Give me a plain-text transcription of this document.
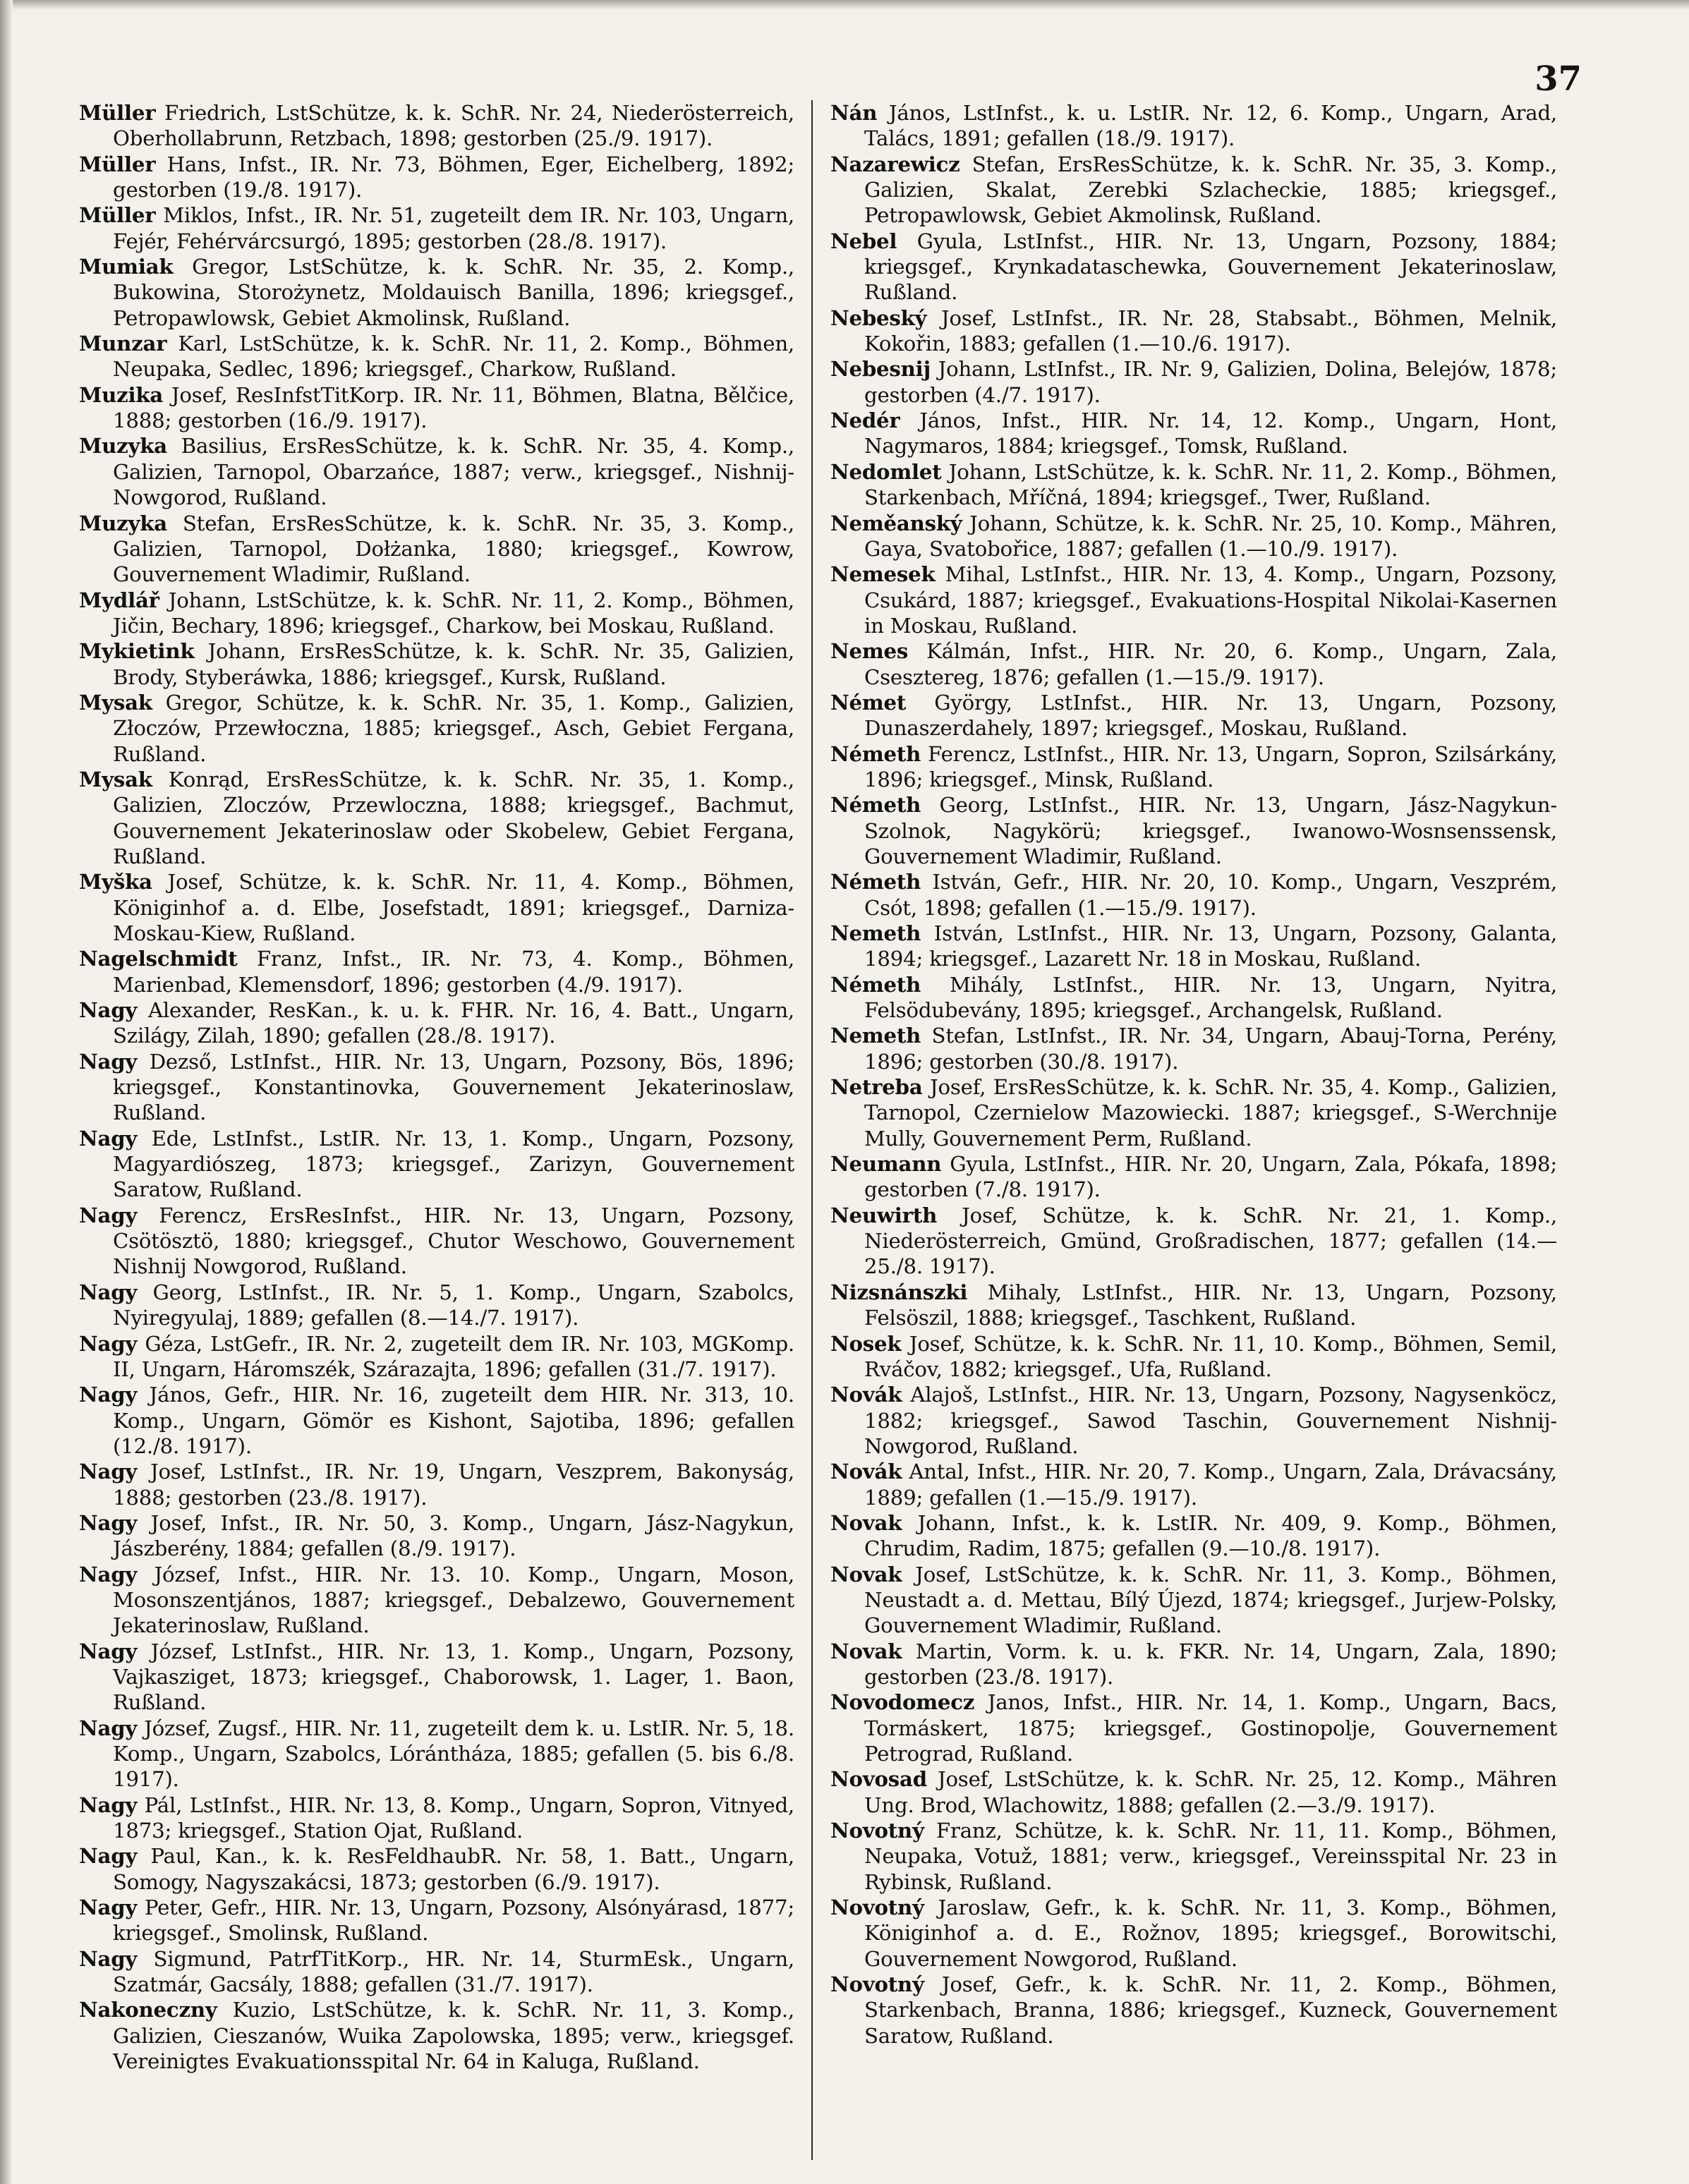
37

Müller Friedrich, LstSchütze, k. k. SchR. Nr. 24, Niederösterreich, Oberhollabrunn, Retzbach, 1898; gestorben (25./9. 1917).

Müller Hans, Infst., IR. Nr. 73, Böhmen, Eger, Eichelberg, 1892; gestorben (19./8. 1917).

Müller Miklos, Infst., IR. Nr. 51, zugeteilt dem IR. Nr. 103, Ungarn, Fejér, Fehérvárcsurgó, 1895; gestorben (28./8. 1917).

Mumiak Gregor, LstSchütze, k. k. SchR. Nr. 35, 2. Komp., Bukowina, Storożynetz, Moldauisch Banilla, 1896; kriegsgef., Petropawlowsk, Gebiet Akmolinsk, Rußland.

Munzar Karl, LstSchütze, k. k. SchR. Nr. 11, 2. Komp., Böhmen, Neupaka, Sedlec, 1896; kriegsgef., Charkow, Rußland.

Muzika Josef, ResInfstTitKorp. IR. Nr. 11, Böhmen, Blatna, Bělčice, 1888; gestorben (16./9. 1917).

Muzyka Basilius, ErsResSchütze, k. k. SchR. Nr. 35, 4. Komp., Galizien, Tarnopol, Obarzańce, 1887; verw., kriegsgef., Nishnij-Nowgorod, Rußland.

Muzyka Stefan, ErsResSchütze, k. k. SchR. Nr. 35, 3. Komp., Galizien, Tarnopol, Dołżanka, 1880; kriegsgef., Kowrow, Gouvernement Wladimir, Rußland.

Mydlář Johann, LstSchütze, k. k. SchR. Nr. 11, 2. Komp., Böhmen, Jičin, Bechary, 1896; kriegsgef., Charkow, bei Moskau, Rußland.

Mykietink Johann, ErsResSchütze, k. k. SchR. Nr. 35, Galizien, Brody, Styberáwka, 1886; kriegsgef., Kursk, Rußland.

Mysak Gregor, Schütze, k. k. SchR. Nr. 35, 1. Komp., Galizien, Złoczów, Przewłoczna, 1885; kriegsgef., Asch, Gebiet Fergana, Rußland.

Mysak Konrąd, ErsResSchütze, k. k. SchR. Nr. 35, 1. Komp., Galizien, Zloczów, Przewloczna, 1888; kriegsgef., Bachmut, Gouvernement Jekaterinoslaw oder Skobelew, Gebiet Fergana, Rußland.

Myška Josef, Schütze, k. k. SchR. Nr. 11, 4. Komp., Böhmen, Königinhof a. d. Elbe, Josefstadt, 1891; kriegsgef., Darniza-Moskau-Kiew, Rußland.

Nagelschmidt Franz, Infst., IR. Nr. 73, 4. Komp., Böhmen, Marienbad, Klemensdorf, 1896; gestorben (4./9. 1917).

Nagy Alexander, ResKan., k. u. k. FHR. Nr. 16, 4. Batt., Ungarn, Szilágy, Zilah, 1890; gefallen (28./8. 1917).

Nagy Dezső, LstInfst., HIR. Nr. 13, Ungarn, Pozsony, Bös, 1896; kriegsgef., Konstantinovka, Gouvernement Jekaterinoslaw, Rußland.

Nagy Ede, LstInfst., LstIR. Nr. 13, 1. Komp., Ungarn, Pozsony, Magyardiószeg, 1873; kriegsgef., Zarizyn, Gouvernement Saratow, Rußland.

Nagy Ferencz, ErsResInfst., HIR. Nr. 13, Ungarn, Pozsony, Csötösztö, 1880; kriegsgef., Chutor Weschowo, Gouvernement Nishnij Nowgorod, Rußland.

Nagy Georg, LstInfst., IR. Nr. 5, 1. Komp., Ungarn, Szabolcs, Nyiregyulaj, 1889; gefallen (8.—14./7. 1917).

Nagy Géza, LstGefr., IR. Nr. 2, zugeteilt dem IR. Nr. 103, MGKomp. II, Ungarn, Háromszék, Szárazajta, 1896; gefallen (31./7. 1917).

Nagy János, Gefr., HIR. Nr. 16, zugeteilt dem HIR. Nr. 313, 10. Komp., Ungarn, Gömör es Kishont, Sajotiba, 1896; gefallen (12./8. 1917).

Nagy Josef, LstInfst., IR. Nr. 19, Ungarn, Veszprem, Bakonyság, 1888; gestorben (23./8. 1917).

Nagy Josef, Infst., IR. Nr. 50, 3. Komp., Ungarn, Jász-Nagykun, Jászberény, 1884; gefallen (8./9. 1917).

Nagy József, Infst., HIR. Nr. 13. 10. Komp., Ungarn, Moson, Mosonszentjános, 1887; kriegsgef., Debalzewo, Gouvernement Jekaterinoslaw, Rußland.

Nagy József, LstInfst., HIR. Nr. 13, 1. Komp., Ungarn, Pozsony, Vajkasziget, 1873; kriegsgef., Chaborowsk, 1. Lager, 1. Baon, Rußland.

Nagy József, Zugsf., HIR. Nr. 11, zugeteilt dem k. u. LstIR. Nr. 5, 18. Komp., Ungarn, Szabolcs, Lórántháza, 1885; gefallen (5. bis 6./8. 1917).

Nagy Pál, LstInfst., HIR. Nr. 13, 8. Komp., Ungarn, Sopron, Vitnyed, 1873; kriegsgef., Station Ojat, Rußland.

Nagy Paul, Kan., k. k. ResFeldhaubR. Nr. 58, 1. Batt., Ungarn, Somogy, Nagyszakácsi, 1873; gestorben (6./9. 1917).

Nagy Peter, Gefr., HIR. Nr. 13, Ungarn, Pozsony, Alsónyárasd, 1877; kriegsgef., Smolinsk, Rußland.

Nagy Sigmund, PatrfTitKorp., HR. Nr. 14, SturmEsk., Ungarn, Szatmár, Gacsály, 1888; gefallen (31./7. 1917).

Nakoneczny Kuzio, LstSchütze, k. k. SchR. Nr. 11, 3. Komp., Galizien, Cieszanów, Wuika Zapolowska, 1895; verw., kriegsgef. Vereinigtes Evakuationsspital Nr. 64 in Kaluga, Rußland.

Nán János, LstInfst., k. u. LstIR. Nr. 12, 6. Komp., Ungarn, Arad, Talács, 1891; gefallen (18./9. 1917).

Nazarewicz Stefan, ErsResSchütze, k. k. SchR. Nr. 35, 3. Komp., Galizien, Skalat, Zerebki Szlacheckie, 1885; kriegsgef., Petropawlowsk, Gebiet Akmolinsk, Rußland.

Nebel Gyula, LstInfst., HIR. Nr. 13, Ungarn, Pozsony, 1884; kriegsgef., Krynkadataschewka, Gouvernement Jekaterinoslaw, Rußland.

Nebeský Josef, LstInfst., IR. Nr. 28, Stabsabt., Böhmen, Melnik, Kokořin, 1883; gefallen (1.—10./6. 1917).

Nebesnij Johann, LstInfst., IR. Nr. 9, Galizien, Dolina, Belejów, 1878; gestorben (4./7. 1917).

Nedér János, Infst., HIR. Nr. 14, 12. Komp., Ungarn, Hont, Nagymaros, 1884; kriegsgef., Tomsk, Rußland.

Nedomlet Johann, LstSchütze, k. k. SchR. Nr. 11, 2. Komp., Böhmen, Starkenbach, Mříčná, 1894; kriegsgef., Twer, Rußland.

Neměanský Johann, Schütze, k. k. SchR. Nr. 25, 10. Komp., Mähren, Gaya, Svatobořice, 1887; gefallen (1.—10./9. 1917).

Nemesek Mihal, LstInfst., HIR. Nr. 13, 4. Komp., Ungarn, Pozsony, Csukárd, 1887; kriegsgef., Evakuations-Hospital Nikolai-Kasernen in Moskau, Rußland.

Nemes Kálmán, Infst., HIR. Nr. 20, 6. Komp., Ungarn, Zala, Csesztereg, 1876; gefallen (1.—15./9. 1917).

Német György, LstInfst., HIR. Nr. 13, Ungarn, Pozsony, Dunaszerdahely, 1897; kriegsgef., Moskau, Rußland.

Németh Ferencz, LstInfst., HIR. Nr. 13, Ungarn, Sopron, Szilsárkány, 1896; kriegsgef., Minsk, Rußland.

Németh Georg, LstInfst., HIR. Nr. 13, Ungarn, Jász-Nagykun-Szolnok, Nagykörü; kriegsgef., Iwanowo-Wosnsenssensk, Gouvernement Wladimir, Rußland.

Németh István, Gefr., HIR. Nr. 20, 10. Komp., Ungarn, Veszprém, Csót, 1898; gefallen (1.—15./9. 1917).

Nemeth István, LstInfst., HIR. Nr. 13, Ungarn, Pozsony, Galanta, 1894; kriegsgef., Lazarett Nr. 18 in Moskau, Rußland.

Németh Mihály, LstInfst., HIR. Nr. 13, Ungarn, Nyitra, Felsödubevány, 1895; kriegsgef., Archangelsk, Rußland.

Nemeth Stefan, LstInfst., IR. Nr. 34, Ungarn, Abauj-Torna, Perény, 1896; gestorben (30./8. 1917).

Netreba Josef, ErsResSchütze, k. k. SchR. Nr. 35, 4. Komp., Galizien, Tarnopol, Czernielow Mazowiecki. 1887; kriegsgef., S-Werchnije Mully, Gouvernement Perm, Rußland.

Neumann Gyula, LstInfst., HIR. Nr. 20, Ungarn, Zala, Pókafa, 1898; gestorben (7./8. 1917).

Neuwirth Josef, Schütze, k. k. SchR. Nr. 21, 1. Komp., Niederösterreich, Gmünd, Großradischen, 1877; gefallen (14.—25./8. 1917).

Nizsnánszki Mihaly, LstInfst., HIR. Nr. 13, Ungarn, Pozsony, Felsöszil, 1888; kriegsgef., Taschkent, Rußland.

Nosek Josef, Schütze, k. k. SchR. Nr. 11, 10. Komp., Böhmen, Semil, Rváčov, 1882; kriegsgef., Ufa, Rußland.

Novák Alajoš, LstInfst., HIR. Nr. 13, Ungarn, Pozsony, Nagysenköcz, 1882; kriegsgef., Sawod Taschin, Gouvernement Nishnij-Nowgorod, Rußland.

Novák Antal, Infst., HIR. Nr. 20, 7. Komp., Ungarn, Zala, Drávacsány, 1889; gefallen (1.—15./9. 1917).

Novak Johann, Infst., k. k. LstIR. Nr. 409, 9. Komp., Böhmen, Chrudim, Radim, 1875; gefallen (9.—10./8. 1917).

Novak Josef, LstSchütze, k. k. SchR. Nr. 11, 3. Komp., Böhmen, Neustadt a. d. Mettau, Bílý Újezd, 1874; kriegsgef., Jurjew-Polsky, Gouvernement Wladimir, Rußland.

Novak Martin, Vorm. k. u. k. FKR. Nr. 14, Ungarn, Zala, 1890; gestorben (23./8. 1917).

Novodomecz Janos, Infst., HIR. Nr. 14, 1. Komp., Ungarn, Bacs, Tormáskert, 1875; kriegsgef., Gostinopolje, Gouvernement Petrograd, Rußland.

Novosad Josef, LstSchütze, k. k. SchR. Nr. 25, 12. Komp., Mähren Ung. Brod, Wlachowitz, 1888; gefallen (2.—3./9. 1917).

Novotný Franz, Schütze, k. k. SchR. Nr. 11, 11. Komp., Böhmen, Neupaka, Votuž, 1881; verw., kriegsgef., Vereinsspital Nr. 23 in Rybinsk, Rußland.

Novotný Jaroslaw, Gefr., k. k. SchR. Nr. 11, 3. Komp., Böhmen, Königinhof a. d. E., Rožnov, 1895; kriegsgef., Borowitschi, Gouvernement Nowgorod, Rußland.

Novotný Josef, Gefr., k. k. SchR. Nr. 11, 2. Komp., Böhmen, Starkenbach, Branna, 1886; kriegsgef., Kuzneck, Gouvernement Saratow, Rußland.
